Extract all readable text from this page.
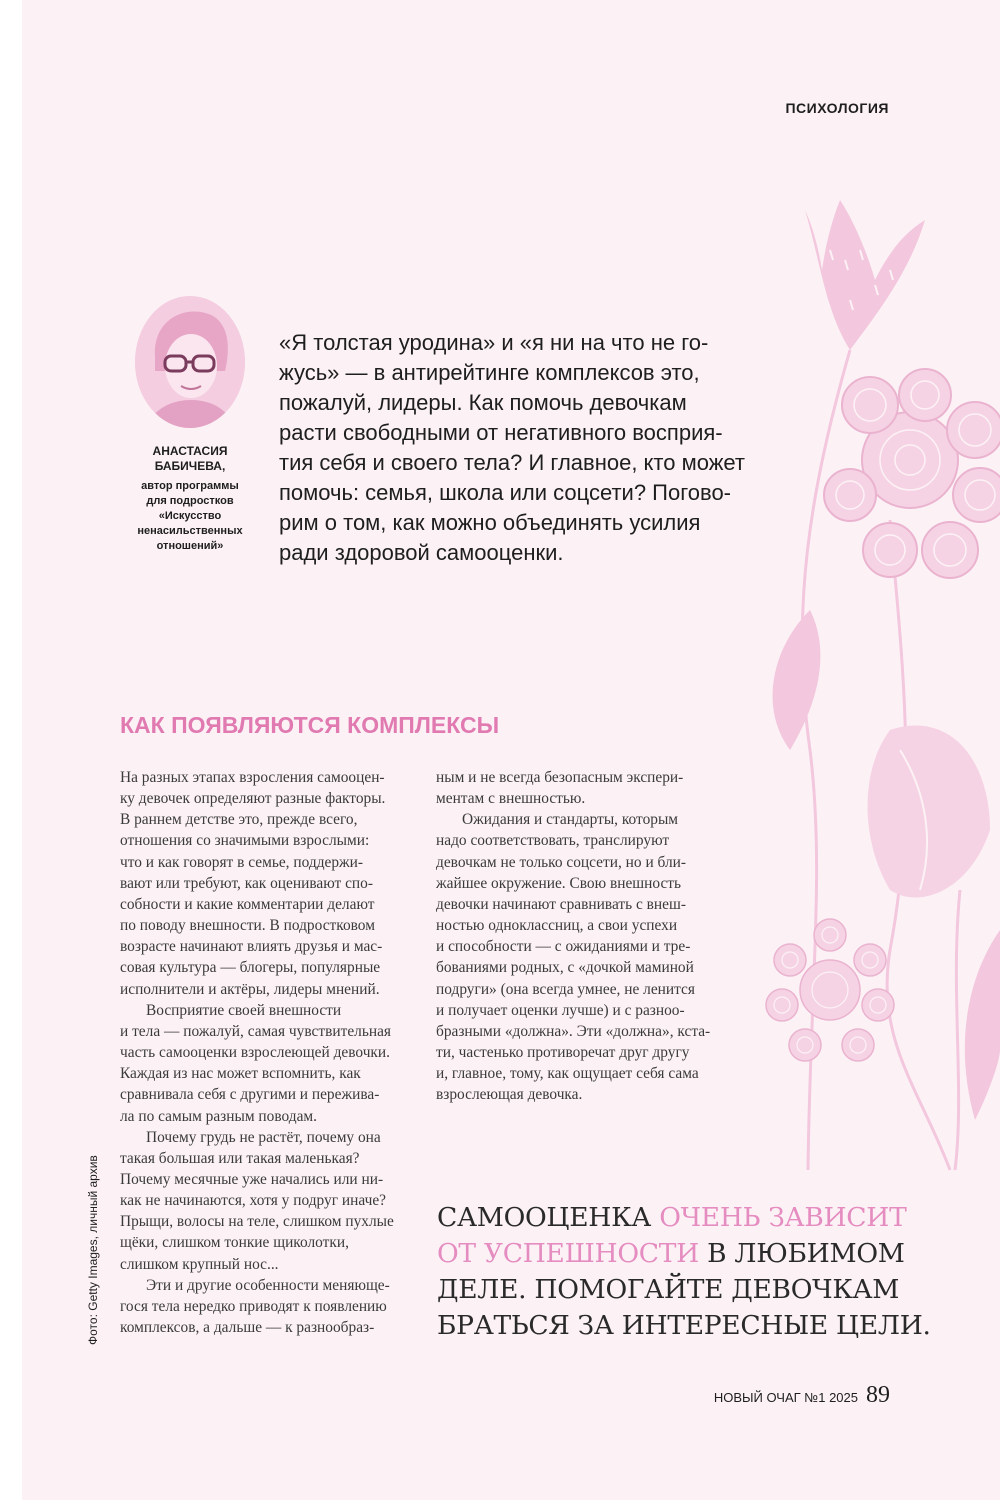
ПСИХОЛОГИЯ
АНАСТАСИЯ
БАБИЧЕВА,
автор программы
для подростков
«Искусство
ненасильственных
отношений»
«Я толстая уродина» и «я ни на что не го-
жусь» — в антирейтинге комплексов это,
пожалуй, лидеры. Как помочь девочкам
расти свободными от негативного восприя-
тия себя и своего тела? И главное, кто может
помочь: семья, школа или соцсети? Погово-
рим о том, как можно объединять усилия
ради здоровой самооценки.
КАК ПОЯВЛЯЮТСЯ КОМПЛЕКСЫ
На разных этапах взросления самооцен-
ку девочек определяют разные факторы.
В раннем детстве это, прежде всего,
отношения со значимыми взрослыми:
что и как говорят в семье, поддержи-
вают или требуют, как оценивают спо-
собности и какие комментарии делают
по поводу внешности. В подростковом
возрасте начинают влиять друзья и мас-
совая культура — блогеры, популярные
исполнители и актёры, лидеры мнений.
Восприятие своей внешности
и тела — пожалуй, самая чувствительная
часть самооценки взрослеющей девочки.
Каждая из нас может вспомнить, как
сравнивала себя с другими и пережива-
ла по самым разным поводам.
Почему грудь не растёт, почему она
такая большая или такая маленькая?
Почему месячные уже начались или ни-
как не начинаются, хотя у подруг иначе?
Прыщи, волосы на теле, слишком пухлые
щёки, слишком тонкие щиколотки,
слишком крупный нос...
Эти и другие особенности меняюще-
гося тела нередко приводят к появлению
комплексов, а дальше — к разнообраз-
ным и не всегда безопасным экспери-
ментам с внешностью.
Ожидания и стандарты, которым
надо соответствовать, транслируют
девочкам не только соцсети, но и бли-
жайшее окружение. Свою внешность
девочки начинают сравнивать с внеш-
ностью одноклассниц, а свои успехи
и способности — с ожиданиями и тре-
бованиями родных, с «дочкой маминой
подруги» (она всегда умнее, не ленится
и получает оценки лучше) и с разнoо-
бразными «должна». Эти «должна», кста-
ти, частенько противоречат друг другу
и, главное, тому, как ощущает себя сама
взрослеющая девочка.
САМООЦЕНКА ОЧЕНЬ ЗАВИСИТ
ОТ УСПЕШНОСТИ В ЛЮБИМОМ
ДЕЛЕ. ПОМОГАЙТЕ ДЕВОЧКАМ
БРАТЬСЯ ЗА ИНТЕРЕСНЫЕ ЦЕЛИ.
НОВЫЙ ОЧАГ №1 2025 89
Фото: Getty Images, личный архив
